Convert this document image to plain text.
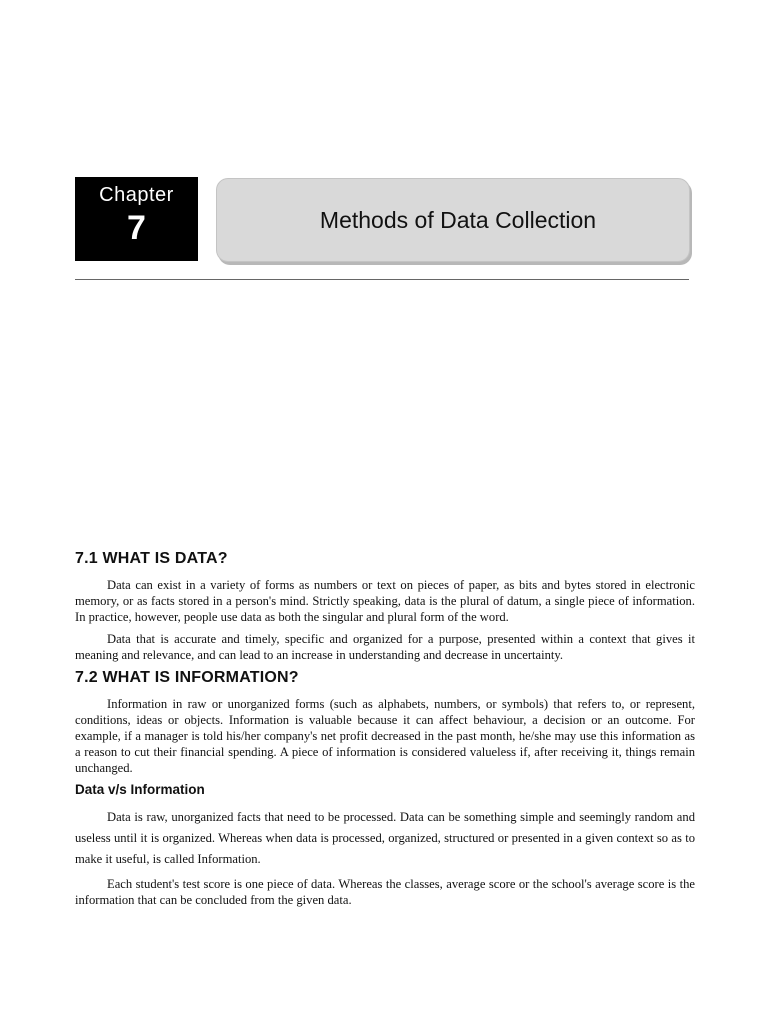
Chapter
7	Methods of Data Collection
7.1 WHAT IS DATA?

Data can exist in a variety of forms as numbers or text on pieces of paper, as bits and bytes stored in electronic memory, or as facts stored in a person's mind. Strictly speaking, data is the plural of datum, a single piece of information. In practice, however, people use data as both the singular and plural form of the word.

Data that is accurate and timely, specific and organized for a purpose, presented within a context that gives it meaning and relevance, and can lead to an increase in understanding and decrease in uncertainty.

7.2 WHAT IS INFORMATION?

Information in raw or unorganized forms (such as alphabets, numbers, or symbols) that refers to, or represent, conditions, ideas or objects. Information is valuable because it can affect behaviour, a decision or an outcome. For example, if a manager is told his/her company's net profit decreased in the past month, he/she may use this information as a reason to cut their financial spending. A piece of information is considered valueless if, after receiving it, things remain unchanged.

Data v/s Information

Data is raw, unorganized facts that need to be processed. Data can be something simple and seemingly random and useless until it is organized. Whereas when data is processed, organized, structured or presented in a given context so as to make it useful, is called Information.

Each student's test score is one piece of data. Whereas the classes, average score or the school's average score is the information that can be concluded from the given data.
